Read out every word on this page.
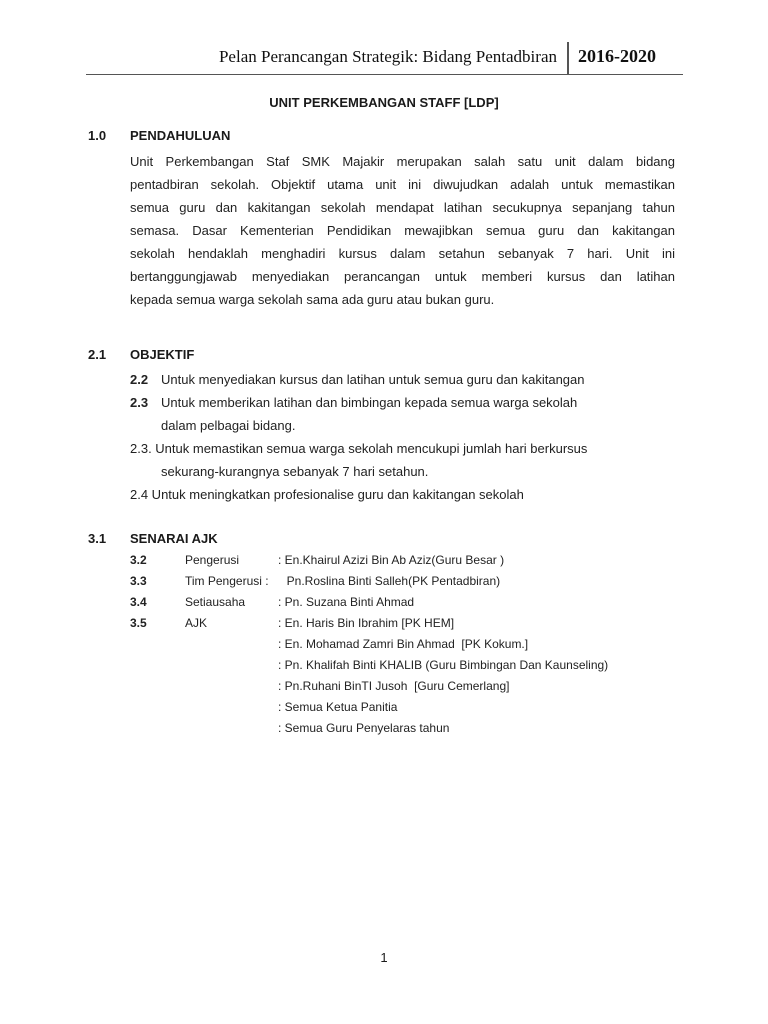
Pelan Perancangan Strategik: Bidang Pentadbiran 2016-2020
UNIT PERKEMBANGAN STAFF [LDP]
1.0 PENDAHULUAN
Unit Perkembangan Staf SMK Majakir merupakan salah satu unit dalam bidang
pentadbiran sekolah. Objektif utama unit ini diwujudkan adalah untuk memastikan
semua guru dan kakitangan sekolah mendapat latihan secukupnya sepanjang tahun
semasa. Dasar Kementerian Pendidikan mewajibkan semua guru dan kakitangan
sekolah hendaklah menghadiri kursus dalam setahun sebanyak 7 hari. Unit ini
bertanggungjawab menyediakan perancangan untuk memberi kursus dan latihan
kepada semua warga sekolah sama ada guru atau bukan guru.
2.1 OBJEKTIF
2.2 Untuk menyediakan kursus dan latihan untuk semua guru dan kakitangan
2.3 Untuk memberikan latihan dan bimbingan kepada semua warga sekolah
dalam pelbagai bidang.
2.3. Untuk memastikan semua warga sekolah mencukupi jumlah hari berkursus
sekurang-kurangnya sebanyak 7 hari setahun.
2.4 Untuk meningkatkan profesionalise guru dan kakitangan sekolah
3.1 SENARAI AJK
3.2	Pengerusi	: En.Khairul Azizi Bin Ab Aziz(Guru Besar )
3.3	Tim Pengerusi : Pn.Roslina Binti Salleh(PK Pentadbiran)
3.4	Setiausaha	: Pn. Suzana Binti Ahmad
3.5	AJK	: En. Haris Bin Ibrahim [PK HEM]
: En. Mohamad Zamri Bin Ahmad  [PK Kokum.]
: Pn. Khalifah Binti KHALIB (Guru Bimbingan Dan Kaunseling)
: Pn.Ruhani BinTI Jusoh  [Guru Cemerlang]
: Semua Ketua Panitia
: Semua Guru Penyelaras tahun
1
